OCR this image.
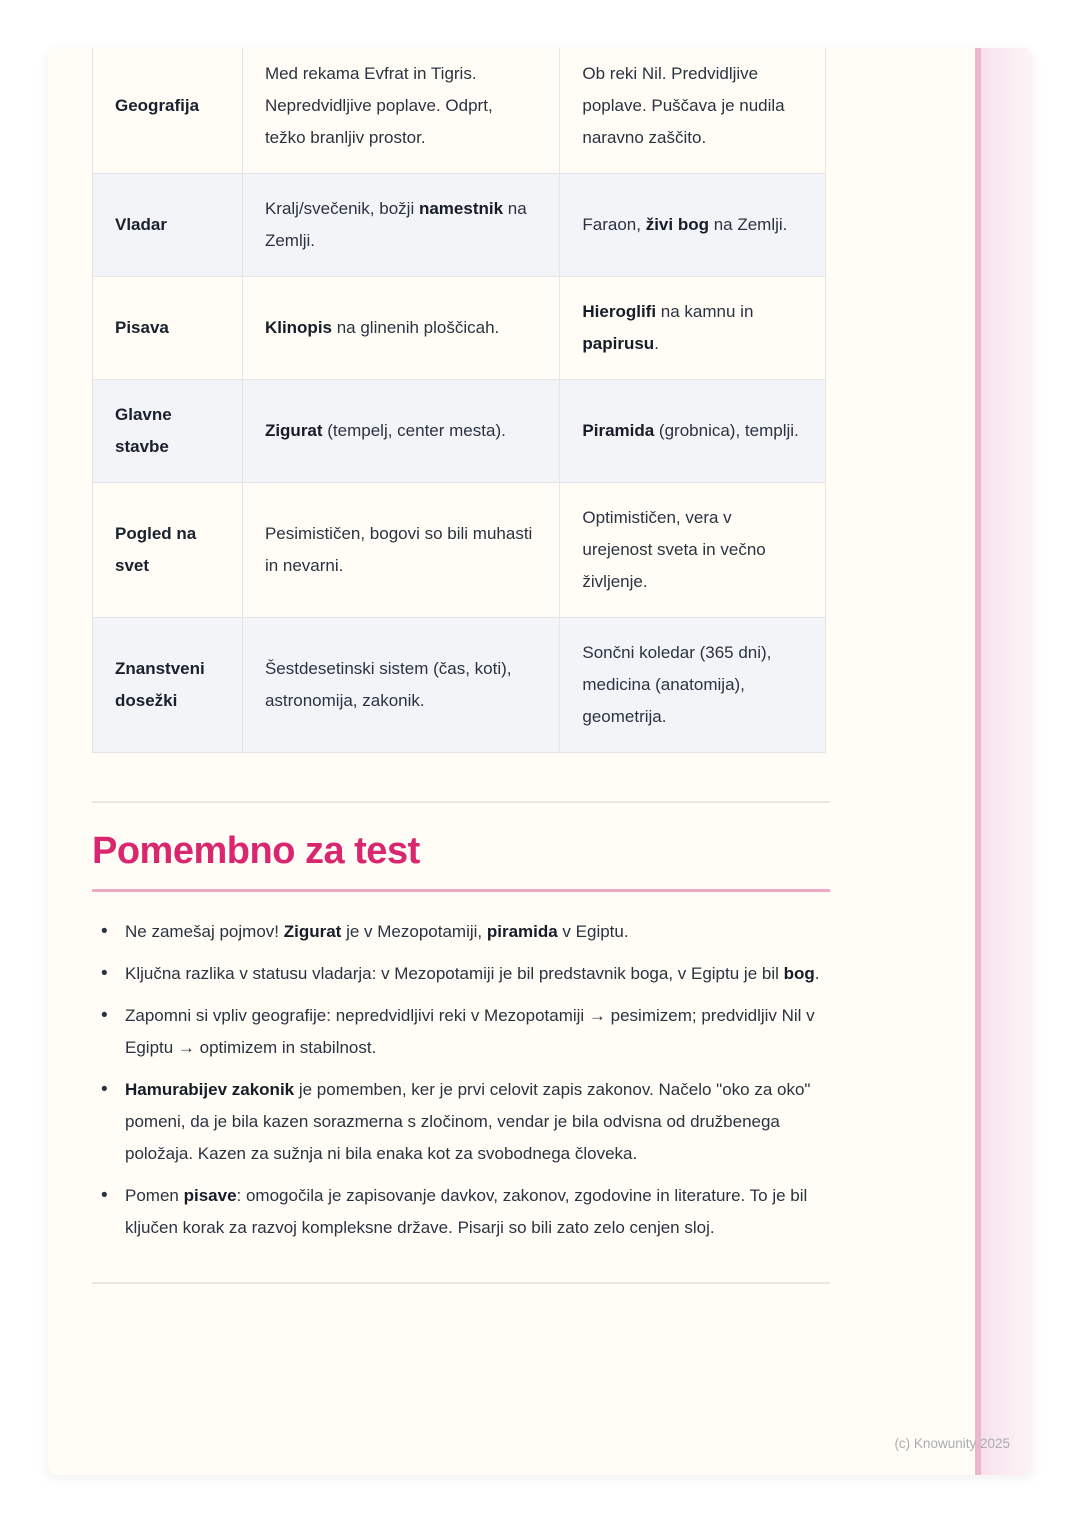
Geografija	Med rekama Evfrat in Tigris. Nepredvidljive poplave. Odprt, težko branljiv prostor.	Ob reki Nil. Predvidljive poplave. Puščava je nudila naravno zaščito.
Vladar	Kralj/svečenik, božji namestnik na Zemlji.	Faraon, živi bog na Zemlji.
Pisava	Klinopis na glinenih ploščicah.	Hieroglifi na kamnu in papirusu.
Glavne stavbe	Zigurat (tempelj, center mesta).	Piramida (grobnica), templji.
Pogled na svet	Pesimističen, bogovi so bili muhasti in nevarni.	Optimističen, vera v urejenost sveta in večno življenje.
Znanstveni dosežki	Šestdesetinski sistem (čas, koti), astronomija, zakonik.	Sončni koledar (365 dni), medicina (anatomija), geometrija.
Pomembno za test
• Ne zamešaj pojmov! Zigurat je v Mezopotamiji, piramida v Egiptu.
• Ključna razlika v statusu vladarja: v Mezopotamiji je bil predstavnik boga, v Egiptu je bil bog.
• Zapomni si vpliv geografije: nepredvidljivi reki v Mezopotamiji → pesimizem; predvidljiv Nil v Egiptu → optimizem in stabilnost.
• Hamurabijev zakonik je pomemben, ker je prvi celovit zapis zakonov. Načelo "oko za oko" pomeni, da je bila kazen sorazmerna s zločinom, vendar je bila odvisna od družbenega položaja. Kazen za sužnja ni bila enaka kot za svobodnega človeka.
• Pomen pisave: omogočila je zapisovanje davkov, zakonov, zgodovine in literature. To je bil ključen korak za razvoj kompleksne države. Pisarji so bili zato zelo cenjen sloj.
(c) Knowunity 2025
